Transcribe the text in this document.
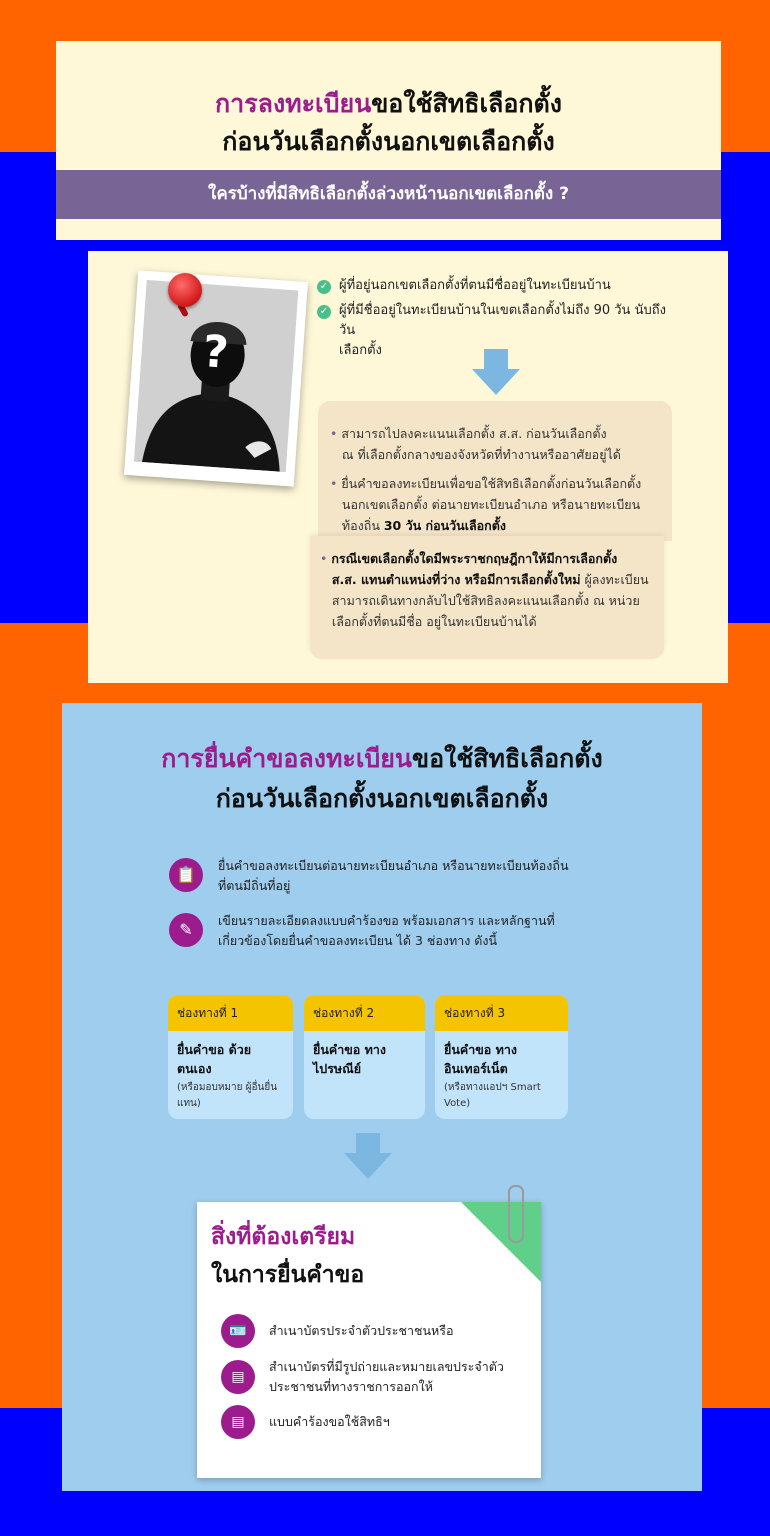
การลงทะเบียนขอใช้สิทธิเลือกตั้ง
ก่อนวันเลือกตั้งนอกเขตเลือกตั้ง
ใครบ้างที่มีสิทธิเลือกตั้งล่วงหน้านอกเขตเลือกตั้ง ?
?
✓ ผู้ที่อยู่นอกเขตเลือกตั้งที่ตนมีชื่ออยู่ในทะเบียนบ้าน
✓ ผู้ที่มีชื่ออยู่ในทะเบียนบ้านในเขตเลือกตั้งไม่ถึง 90 วัน นับถึงวัน
เลือกตั้ง
• สามารถไปลงคะแนนเลือกตั้ง ส.ส. ก่อนวันเลือกตั้ง
ณ ที่เลือกตั้งกลางของจังหวัดที่ทำงานหรืออาศัยอยู่ได้
• ยื่นคำขอลงทะเบียนเพื่อขอใช้สิทธิเลือกตั้งก่อนวันเลือกตั้ง
นอกเขตเลือกตั้ง ต่อนายทะเบียนอำเภอ หรือนายทะเบียน
ท้องถิ่น 30 วัน ก่อนวันเลือกตั้ง
• กรณีเขตเลือกตั้งใดมีพระราชกฤษฎีกาให้มีการเลือกตั้ง
ส.ส. แทนตำแหน่งที่ว่าง หรือมีการเลือกตั้งใหม่ ผู้ลงทะเบียน
สามารถเดินทางกลับไปใช้สิทธิลงคะแนนเลือกตั้ง ณ หน่วย
เลือกตั้งที่ตนมีชื่อ อยู่ในทะเบียนบ้านได้
การยื่นคำขอลงทะเบียนขอใช้สิทธิเลือกตั้ง
ก่อนวันเลือกตั้งนอกเขตเลือกตั้ง
📋	ยื่นคำขอลงทะเบียนต่อนายทะเบียนอำเภอ หรือนายทะเบียนท้องถิ่น
ที่ตนมีถิ่นที่อยู่
✎	เขียนรายละเอียดลงแบบคำร้องขอ พร้อมเอกสาร และหลักฐานที่
เกี่ยวข้องโดยยื่นคำขอลงทะเบียน ได้ 3 ช่องทาง ดังนี้
ช่องทางที่ 1
ยื่นคำขอ ด้วยตนเอง
(หรือมอบหมาย ผู้อื่นยื่น
แทน)
ช่องทางที่ 2
ยื่นคำขอ ทาง
ไปรษณีย์
ช่องทางที่ 3
ยื่นคำขอ ทาง
อินเทอร์เน็ต
(หรือทางแอปฯ Smart
Vote)
สิ่งที่ต้องเตรียม
ในการยื่นคำขอ
🪪	สำเนาบัตรประจำตัวประชาชนหรือ
▤
สำเนาบัตรที่มีรูปถ่ายและหมายเลขประจำตัว
ประชาชนที่ทางราชการออกให้
▤	แบบคำร้องขอใช้สิทธิฯ
